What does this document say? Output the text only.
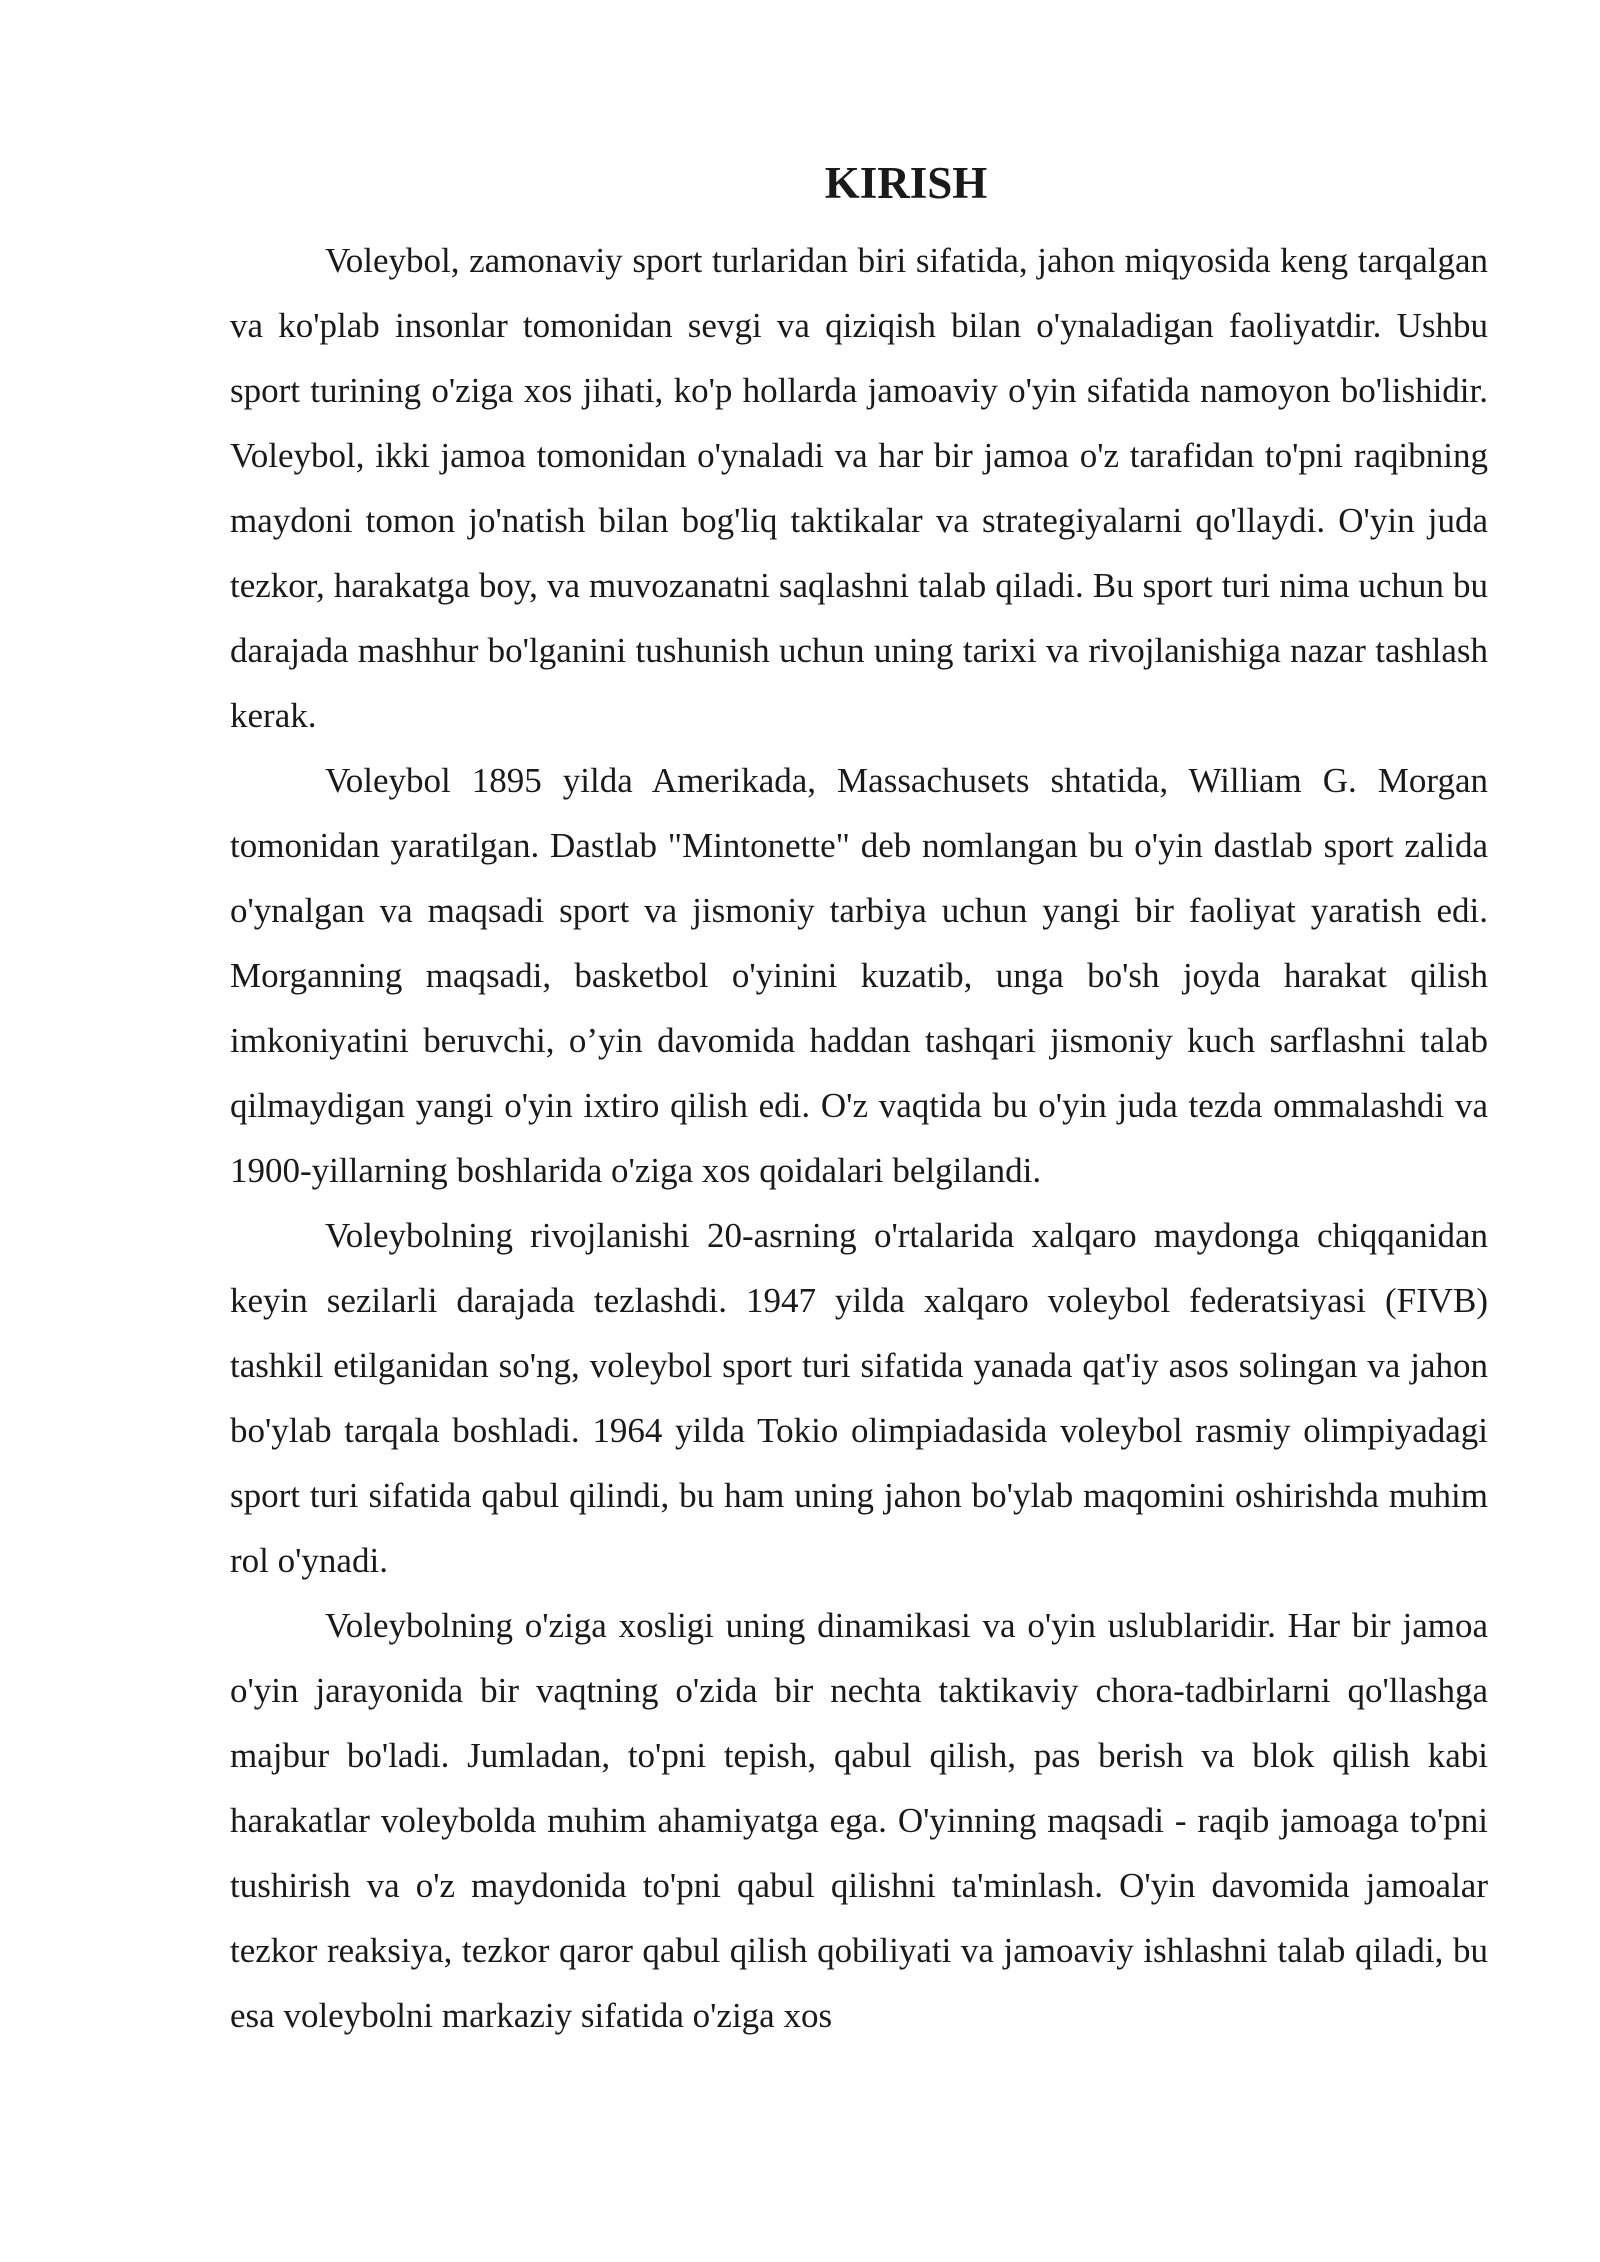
KIRISH

Voleybol, zamonaviy sport turlaridan biri sifatida, jahon miqyosida keng tarqalgan va ko'plab insonlar tomonidan sevgi va qiziqish bilan o'ynaladigan faoliyatdir. Ushbu sport turining o'ziga xos jihati, ko'p hollarda jamoaviy o'yin sifatida namoyon bo'lishidir. Voleybol, ikki jamoa tomonidan o'ynaladi va har bir jamoa o'z tarafidan to'pni raqibning maydoni tomon jo'natish bilan bog'liq taktikalar va strategiyalarni qo'llaydi. O'yin juda tezkor, harakatga boy, va muvozanatni saqlashni talab qiladi. Bu sport turi nima uchun bu darajada mashhur bo'lganini tushunish uchun uning tarixi va rivojlanishiga nazar tashlash kerak.

Voleybol 1895 yilda Amerikada, Massachusets shtatida, William G. Morgan tomonidan yaratilgan. Dastlab "Mintonette" deb nomlangan bu o'yin dastlab sport zalida o'ynalgan va maqsadi sport va jismoniy tarbiya uchun yangi bir faoliyat yaratish edi. Morganning maqsadi, basketbol o'yinini kuzatib, unga bo'sh joyda harakat qilish imkoniyatini beruvchi, o’yin davomida haddan tashqari jismoniy kuch sarflashni talab qilmaydigan yangi o'yin ixtiro qilish edi. O'z vaqtida bu o'yin juda tezda ommalashdi va 1900-yillarning boshlarida o'ziga xos qoidalari belgilandi.

Voleybolning rivojlanishi 20-asrning o'rtalarida xalqaro maydonga chiqqanidan keyin sezilarli darajada tezlashdi. 1947 yilda xalqaro voleybol federatsiyasi (FIVB) tashkil etilganidan so'ng, voleybol sport turi sifatida yanada qat'iy asos solingan va jahon bo'ylab tarqala boshladi. 1964 yilda Tokio olimpiadasida voleybol rasmiy olimpiyadagi sport turi sifatida qabul qilindi, bu ham uning jahon bo'ylab maqomini oshirishda muhim rol o'ynadi.

Voleybolning o'ziga xosligi uning dinamikasi va o'yin uslublaridir. Har bir jamoa o'yin jarayonida bir vaqtning o'zida bir nechta taktikaviy chora-tadbirlarni qo'llashga majbur bo'ladi. Jumladan, to'pni tepish, qabul qilish, pas berish va blok qilish kabi harakatlar voleybolda muhim ahamiyatga ega. O'yinning maqsadi - raqib jamoaga to'pni tushirish va o'z maydonida to'pni qabul qilishni ta'minlash. O'yin davomida jamoalar tezkor reaksiya, tezkor qaror qabul qilish qobiliyati va jamoaviy ishlashni talab qiladi, bu esa voleybolni markaziy sifatida o'ziga xos
